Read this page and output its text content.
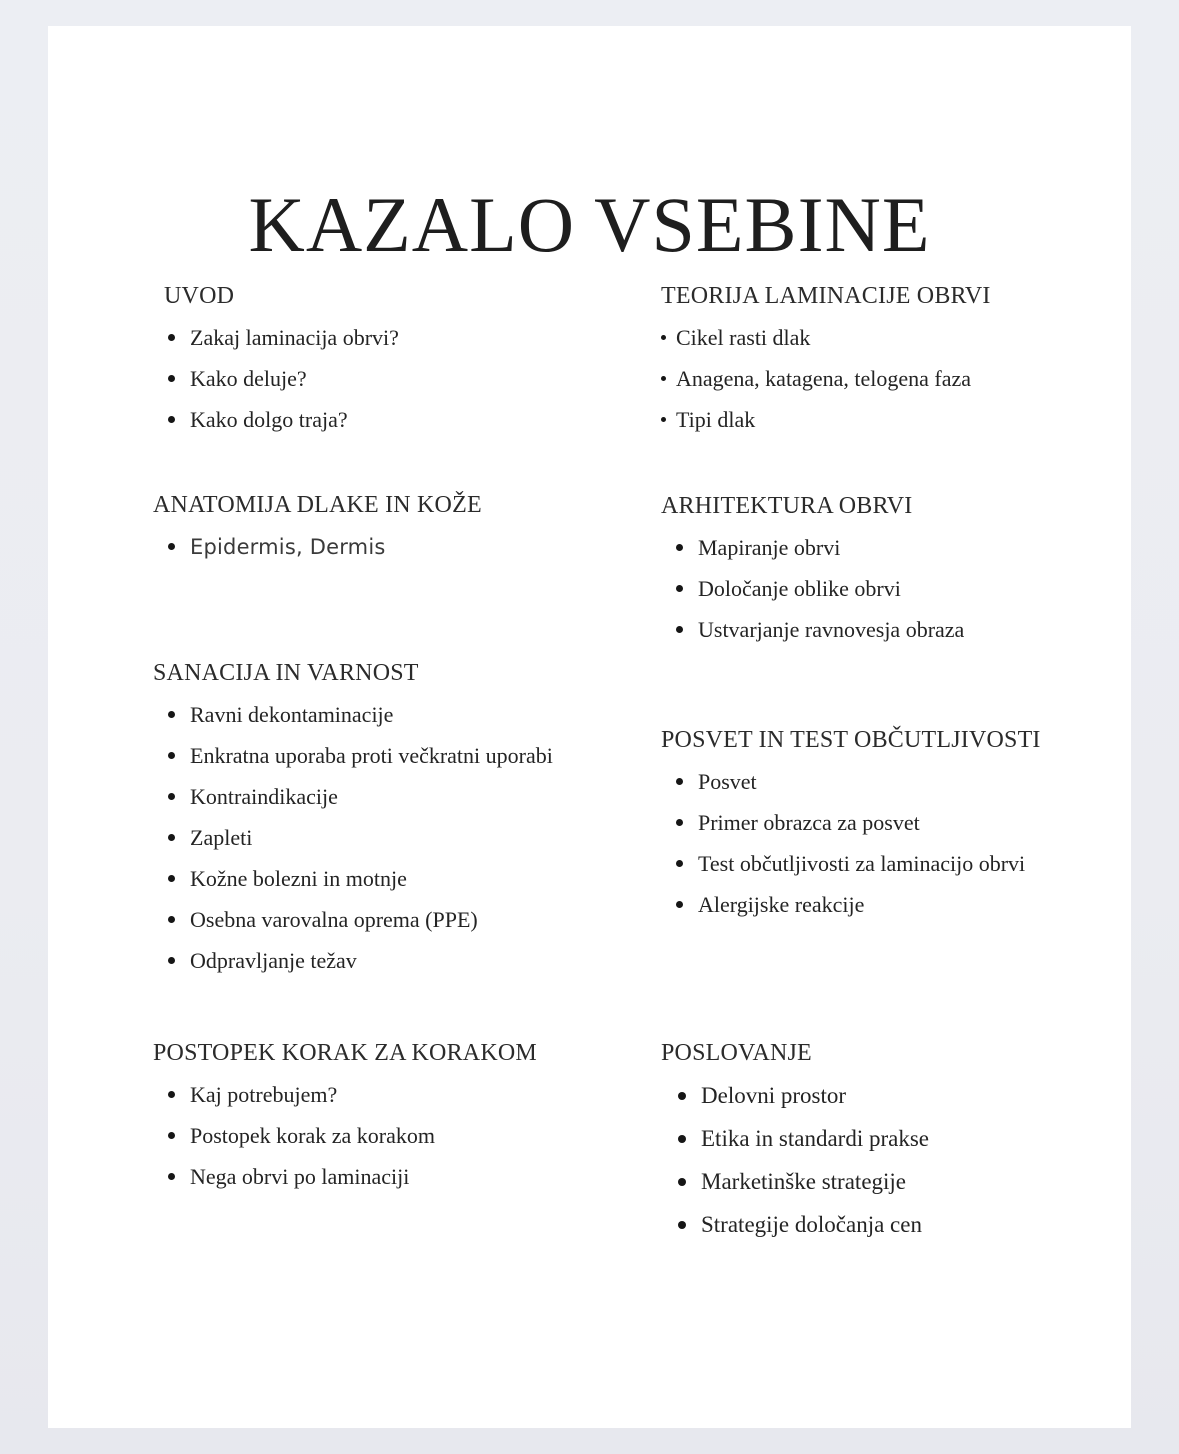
KAZALO VSEBINE
UVOD
Zakaj laminacija obrvi?
Kako deluje?
Kako dolgo traja?
ANATOMIJA DLAKE IN KOŽE
Epidermis, Dermis
SANACIJA IN VARNOST
Ravni dekontaminacije
Enkratna uporaba proti večkratni uporabi
Kontraindikacije
Zapleti
Kožne bolezni in motnje
Osebna varovalna oprema (PPE)
Odpravljanje težav
POSTOPEK KORAK ZA KORAKOM
Kaj potrebujem?
Postopek korak za korakom
Nega obrvi po laminaciji
TEORIJA LAMINACIJE OBRVI
Cikel rasti dlak
Anagena, katagena, telogena faza
Tipi dlak
ARHITEKTURA OBRVI
Mapiranje obrvi
Določanje oblike obrvi
Ustvarjanje ravnovesja obraza
POSVET IN TEST OBČUTLJIVOSTI
Posvet
Primer obrazca za posvet
Test občutljivosti za laminacijo obrvi
Alergijske reakcije
POSLOVANJE
Delovni prostor
Etika in standardi prakse
Marketinške strategije
Strategije določanja cen
